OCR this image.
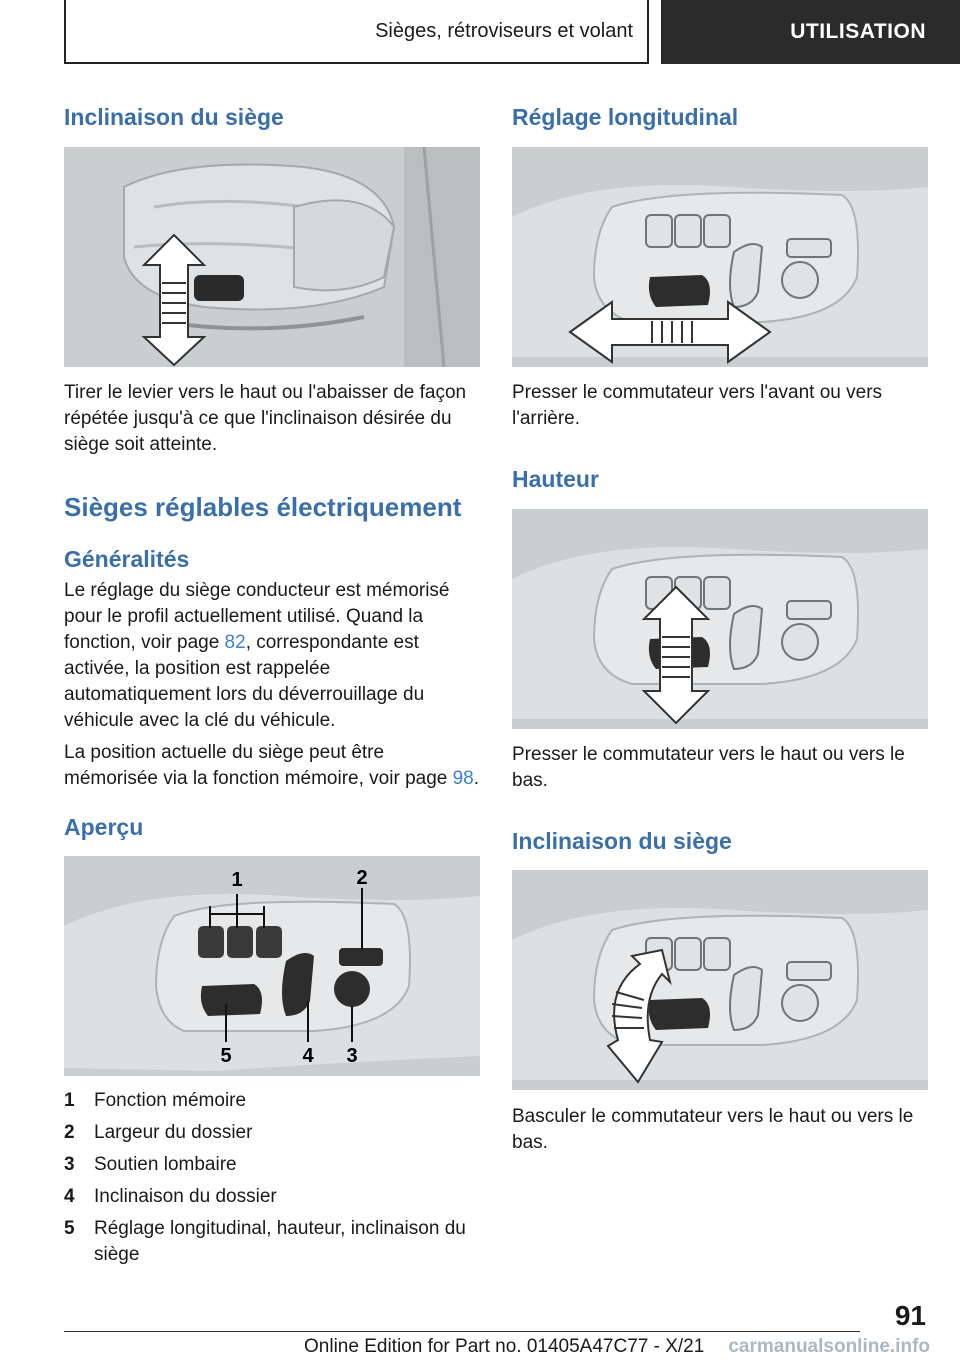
Sièges, rétroviseurs et volant	UTILISATION
Inclinaison du siège

Tirer le levier vers le haut ou l'abaisser de façon répétée jusqu'à ce que l'inclinaison désirée du siège soit atteinte.

Sièges réglables électriquement
Généralités

Le réglage du siège conducteur est mémorisé pour le profil actuellement utilisé. Quand la fonction, voir page 82, correspondante est activée, la position est rappelée automatiquement lors du déverrouillage du véhicule avec la clé du véhicule.

La position actuelle du siège peut être mémorisée via la fonction mémoire, voir page 98.

Aperçu
1	2
3
4
5
1 Fonction mémoire
2 Largeur du dossier
3 Soutien lombaire
4 Inclinaison du dossier
5 Réglage longitudinal, hauteur, inclinaison du siège
Réglage longitudinal

Presser le commutateur vers l'avant ou vers l'arrière.

Hauteur

Presser le commutateur vers le haut ou vers le bas.

Inclinaison du siège

Basculer le commutateur vers le haut ou vers le bas.

91
Online Edition for Part no. 01405A47C77 - X/21 carmanualsonline.info
